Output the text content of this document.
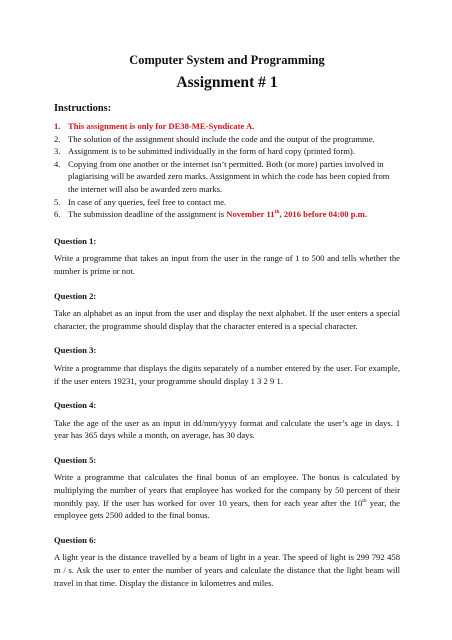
Computer System and Programming
Assignment # 1
Instructions:
1. This assignment is only for DE38-ME-Syndicate A.
2. The solution of the assignment should include the code and the output of the programme.
3. Assignment is to be submitted individually in the form of hard copy (printed form).
4. Copying from one another or the internet isn’t permitted. Both (or more) parties involved in plagiarising will be awarded zero marks. Assignment in which the code has been copied from the internet will also be awarded zero marks.
5. In case of any queries, feel free to contact me.
6. The submission deadline of the assignment is November 11th, 2016 before 04:00 p.m.
Question 1:

Write a programme that takes an input from the user in the range of 1 to 500 and tells whether the number is prime or not.

Question 2:

Take an alphabet as an input from the user and display the next alphabet. If the user enters a special character, the programme should display that the character entered is a special character.

Question 3:

Write a programme that displays the digits separately of a number entered by the user. For example, if the user enters 19231, your programme should display 1 3 2 9 1.

Question 4:

Take the age of the user as an input in dd/mm/yyyy format and calculate the user’s age in days. 1 year has 365 days while a month, on average, has 30 days.

Question 5:

Write a programme that calculates the final bonus of an employee. The bonus is calculated by multiplying the number of years that employee has worked for the company by 50 percent of their monthly pay. If the user has worked for over 10 years, then for each year after the 10th year, the employee gets 2500 added to the final bonus.

Question 6:

A light year is the distance travelled by a beam of light in a year. The speed of light is 299 792 458 m / s. Ask the user to enter the number of years and calculate the distance that the light beam will travel in that time. Display the distance in kilometres and miles.
